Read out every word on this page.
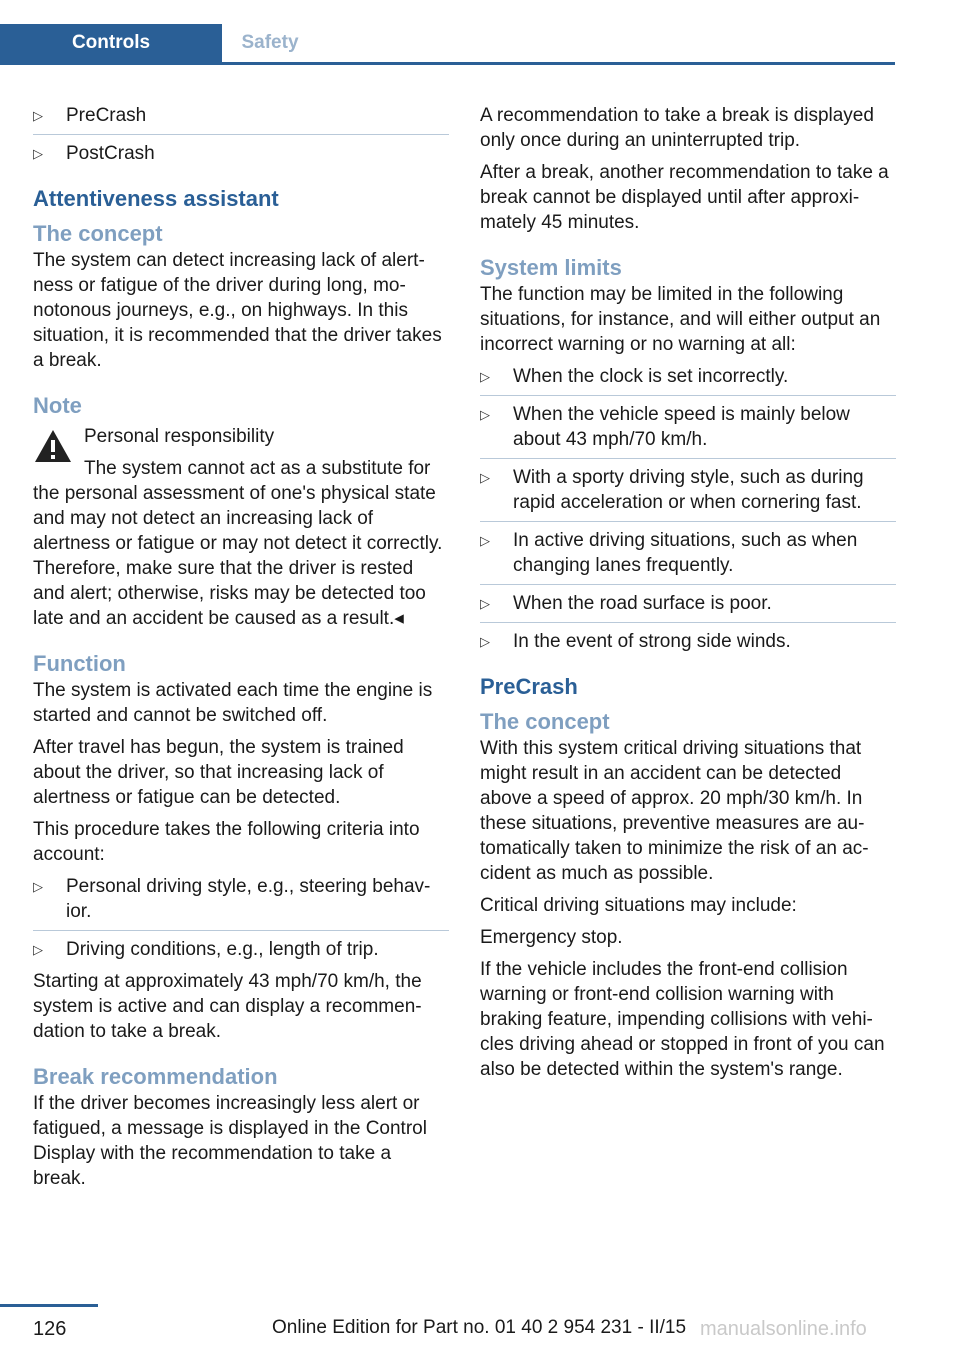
Controls	Safety
▷ PreCrash
▷ PostCrash
Attentiveness assistant
The concept

The system can detect increasing lack of alertness or fatigue of the driver during long, monotonous journeys, e.g., on highways. In this situation, it is recommended that the driver takes a break.

Note
Personal responsibility
The system cannot act as a substitute for

the personal assessment of one's physical state and may not detect an increasing lack of alertness or fatigue or may not detect it correctly. Therefore, make sure that the driver is rested and alert; otherwise, risks may be detected too late and an accident be caused as a result.◂

Function

The system is activated each time the engine is started and cannot be switched off.

After travel has begun, the system is trained about the driver, so that increasing lack of alertness or fatigue can be detected.

This procedure takes the following criteria into account:

▷ Personal driving style, e.g., steering behavior.
▷ Driving conditions, e.g., length of trip.

Starting at approximately 43 mph/70 km/h, the system is active and can display a recommendation to take a break.

Break recommendation

If the driver becomes increasingly less alert or fatigued, a message is displayed in the Control Display with the recommendation to take a break.

A recommendation to take a break is displayed only once during an uninterrupted trip.

After a break, another recommendation to take a break cannot be displayed until after approximately 45 minutes.

System limits

The function may be limited in the following situations, for instance, and will either output an incorrect warning or no warning at all:

▷ When the clock is set incorrectly.
▷ When the vehicle speed is mainly below about 43 mph/70 km/h.
▷ With a sporty driving style, such as during rapid acceleration or when cornering fast.
▷ In active driving situations, such as when changing lanes frequently.
▷ When the road surface is poor.
▷ In the event of strong side winds.
PreCrash
The concept

With this system critical driving situations that might result in an accident can be detected above a speed of approx. 20 mph/30 km/h. In these situations, preventive measures are automatically taken to minimize the risk of an accident as much as possible.

Critical driving situations may include:

Emergency stop.

If the vehicle includes the front-end collision warning or front-end collision warning with braking feature, impending collisions with vehicles driving ahead or stopped in front of you can also be detected within the system's range.

126	Online Edition for Part no. 01 40 2 954 231 - II/15 manualsonline.info
